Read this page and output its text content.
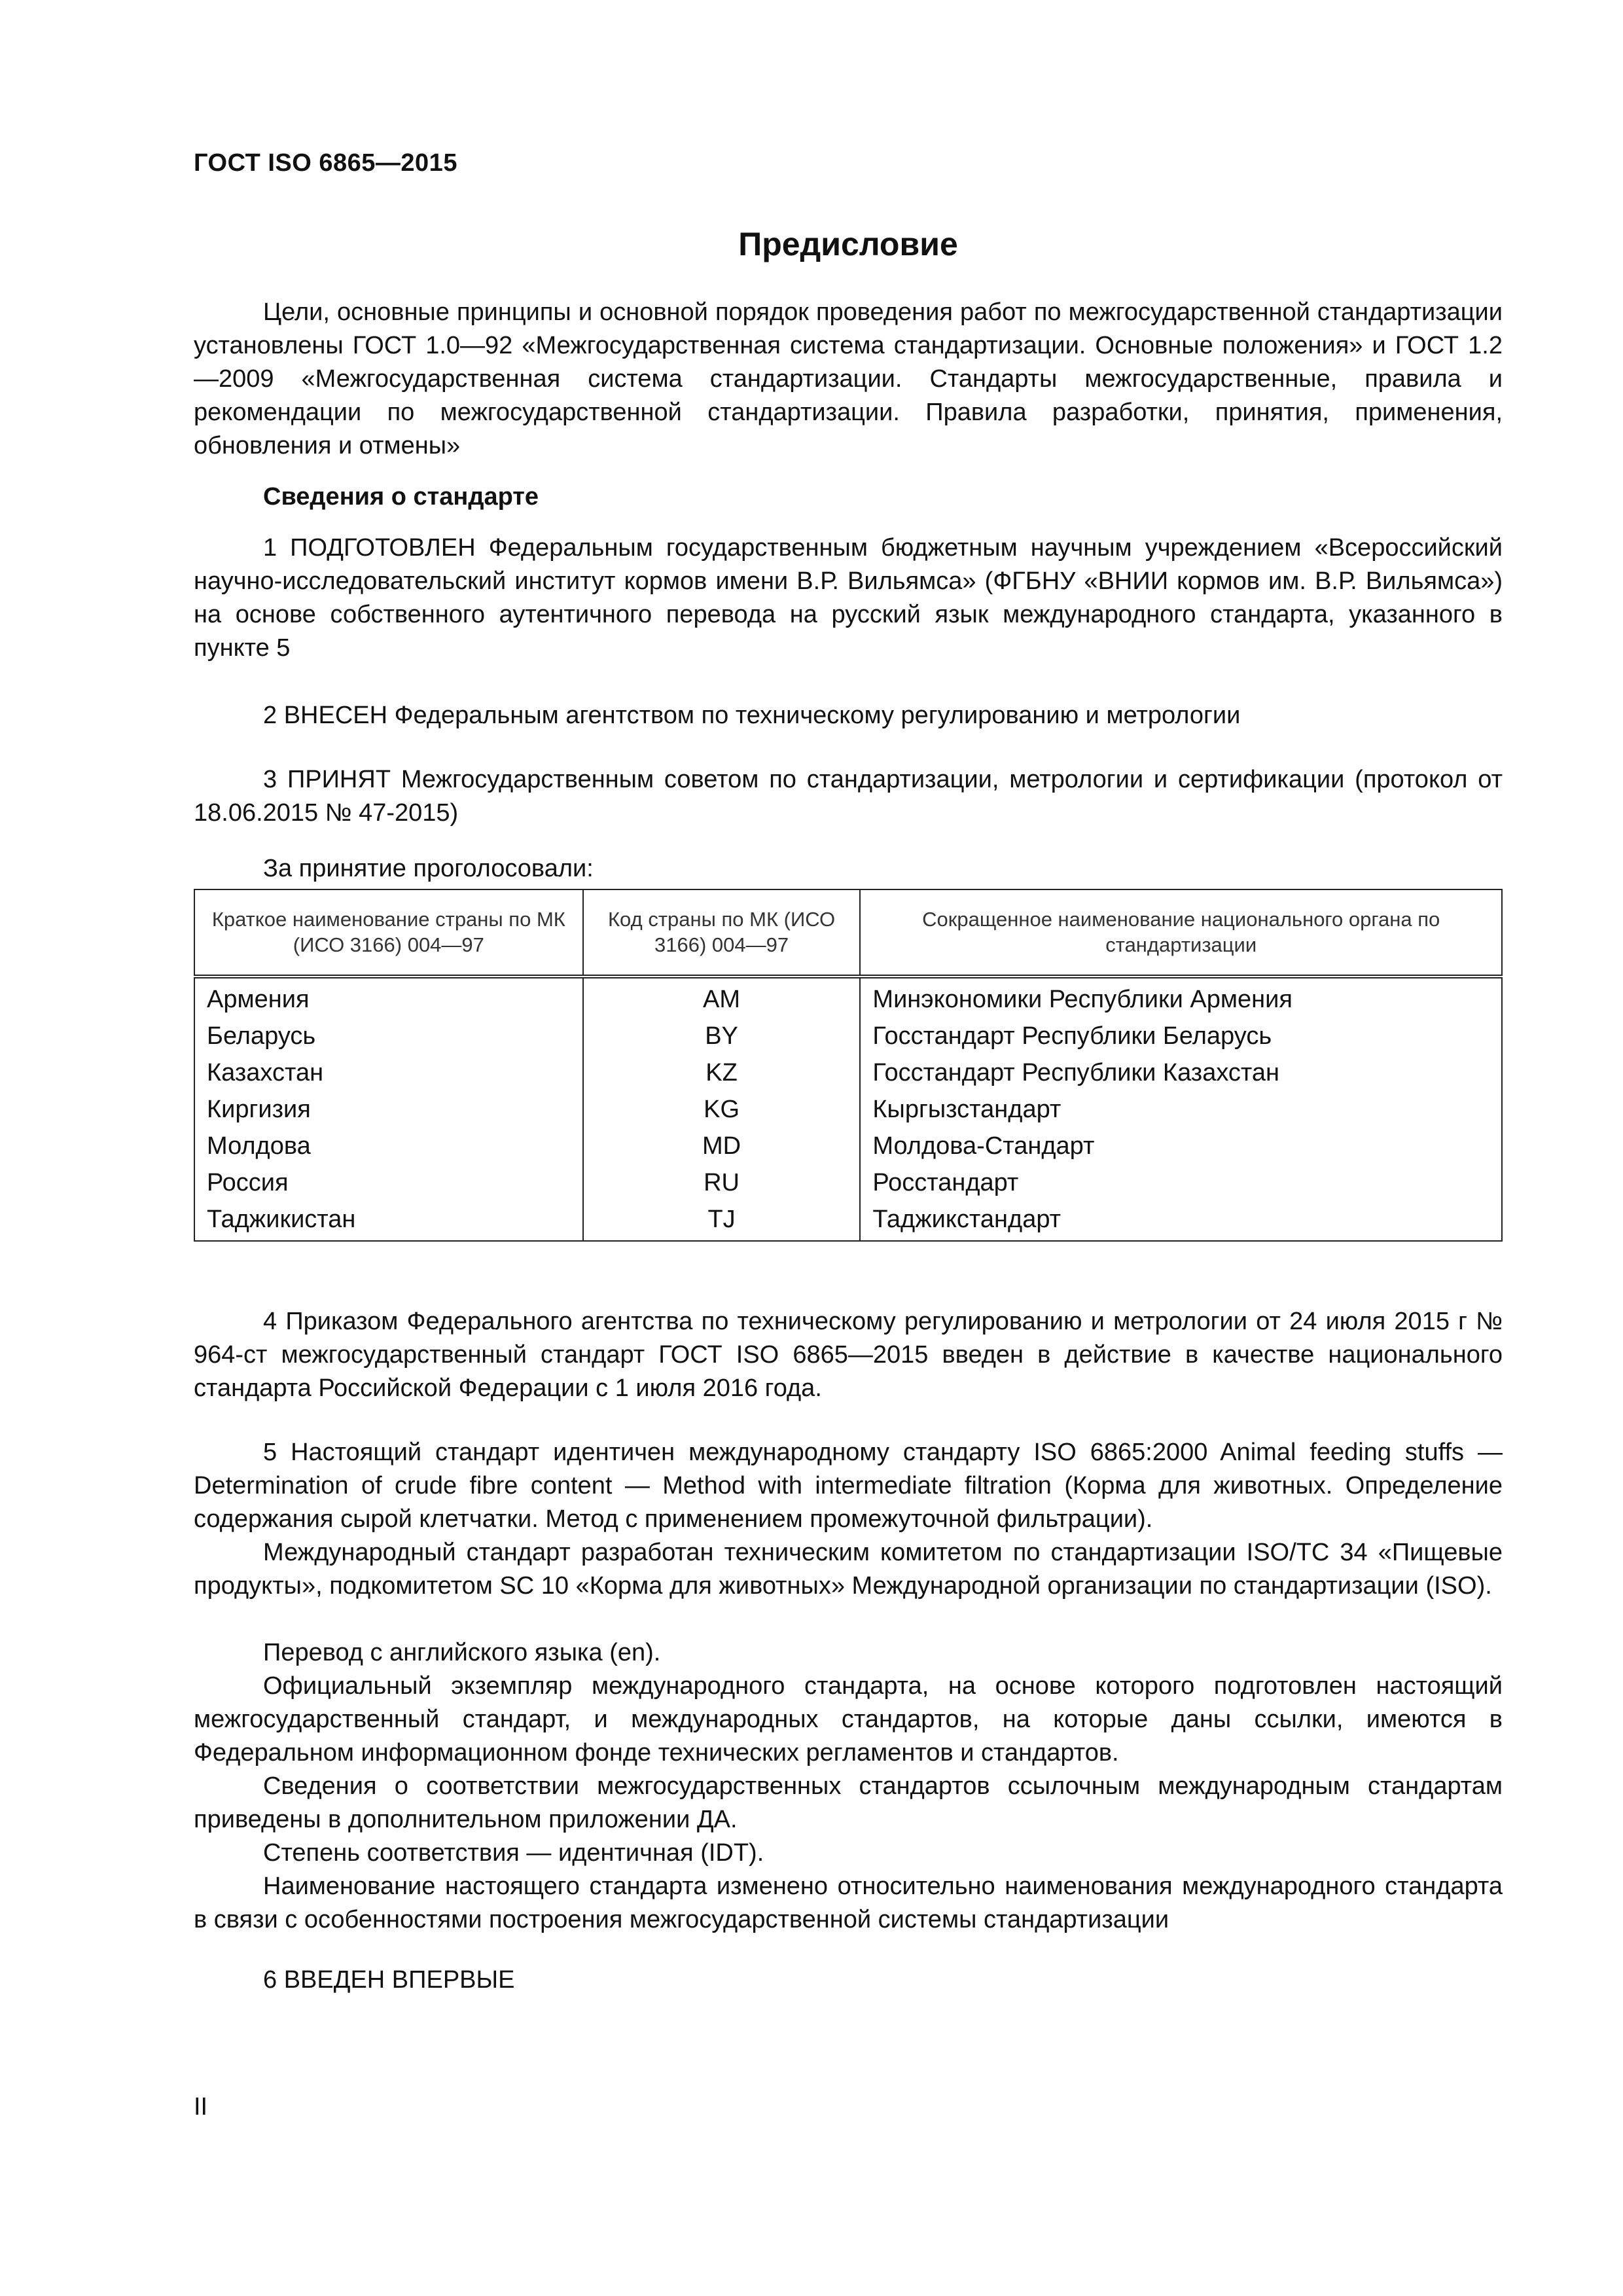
ГОСТ ISO 6865—2015
Предисловие

Цели, основные принципы и основной порядок проведения работ по межгосударственной стандартизации установлены ГОСТ 1.0—92 «Межгосударственная система стандартизации. Основные положения» и ГОСТ 1.2—2009 «Межгосударственная система стандартизации. Стандарты межгосударственные, правила и рекомендации по межгосударственной стандартизации. Правила разработки, принятия, применения, обновления и отмены»

Сведения о стандарте

1 ПОДГОТОВЛЕН Федеральным государственным бюджетным научным учреждением «Всероссийский научно-исследовательский институт кормов имени В.Р. Вильямса» (ФГБНУ «ВНИИ кормов им. В.Р. Вильямса») на основе собственного аутентичного перевода на русский язык международного стандарта, указанного в пункте 5

2 ВНЕСЕН Федеральным агентством по техническому регулированию и метрологии

3 ПРИНЯТ Межгосударственным советом по стандартизации, метрологии и сертификации (протокол от 18.06.2015 № 47-2015)

За принятие проголосовали:
Краткое наименование страны по МК (ИСО 3166) 004—97	Код страны по МК (ИСО 3166) 004—97	Сокращенное наименование национального органа по стандартизации
Армения	AM	Минэкономики Республики Армения
Беларусь	BY	Госстандарт Республики Беларусь
Казахстан	KZ	Госстандарт Республики Казахстан
Киргизия	KG	Кыргызстандарт
Молдова	MD	Молдова-Стандарт
Россия	RU	Росстандарт
Таджикистан	TJ	Таджикстандарт

4 Приказом Федерального агентства по техническому регулированию и метрологии от 24 июля 2015 г № 964-ст межгосударственный стандарт ГОСТ ISO 6865—2015 введен в действие в качестве национального стандарта Российской Федерации с 1 июля 2016 года.

5 Настоящий стандарт идентичен международному стандарту ISO 6865:2000 Animal feeding stuffs — Determination of crude fibre content — Method with intermediate filtration (Корма для животных. Определение содержания сырой клетчатки. Метод с применением промежуточной фильтрации).

Международный стандарт разработан техническим комитетом по стандартизации ISO/TC 34 «Пищевые продукты», подкомитетом SC 10 «Корма для животных» Международной организации по стандартизации (ISO).

Перевод с английского языка (en).

Официальный экземпляр международного стандарта, на основе которого подготовлен настоящий межгосударственный стандарт, и международных стандартов, на которые даны ссылки, имеются в Федеральном информационном фонде технических регламентов и стандартов.

Сведения о соответствии межгосударственных стандартов ссылочным международным стандартам приведены в дополнительном приложении ДА.

Степень соответствия — идентичная (IDT).

Наименование настоящего стандарта изменено относительно наименования международного стандарта в связи с особенностями построения межгосударственной системы стандартизации

6 ВВЕДЕН ВПЕРВЫЕ

II
